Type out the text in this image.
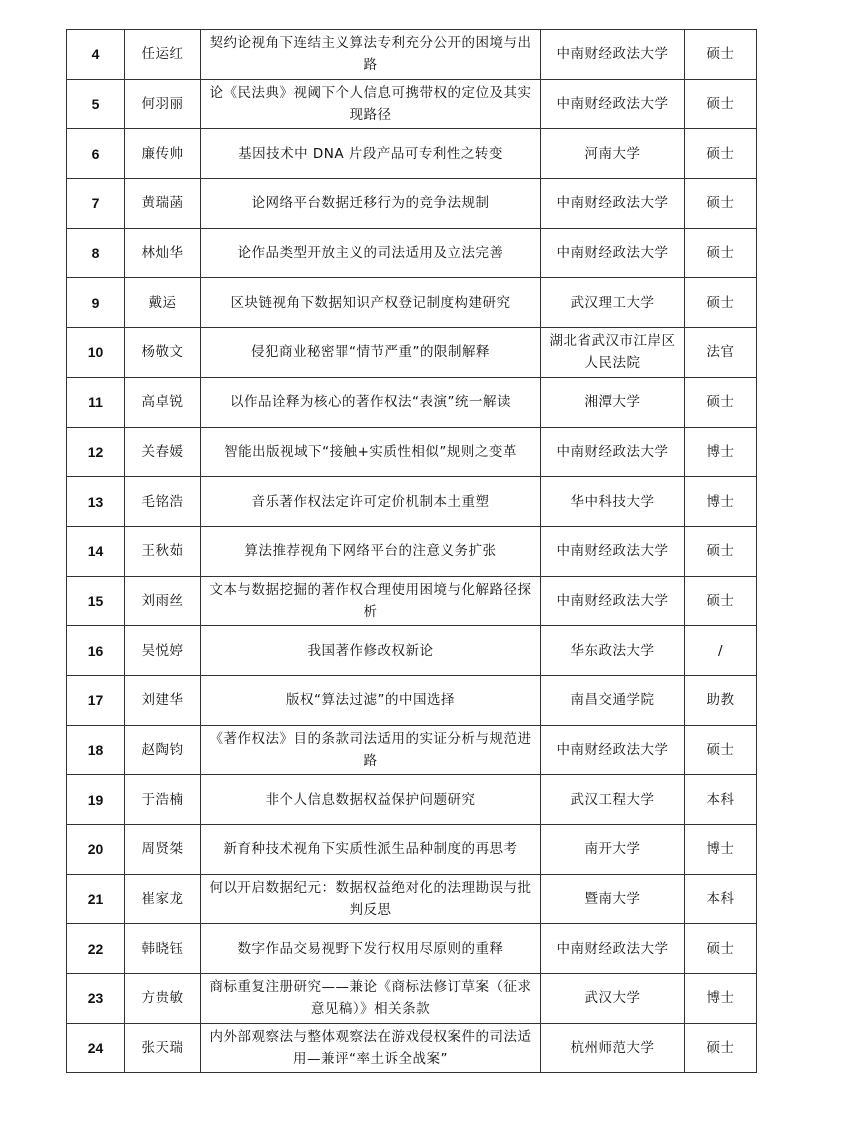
4	任运红	契约论视角下连结主义算法专利充分公开的困境与出路	中南财经政法大学	硕士
5	何羽丽	论《民法典》视阈下个人信息可携带权的定位及其实现路径	中南财经政法大学	硕士
6	廉传帅	基因技术中 DNA 片段产品可专利性之转变	河南大学	硕士
7	黄瑞菡	论网络平台数据迁移行为的竞争法规制	中南财经政法大学	硕士
8	林灿华	论作品类型开放主义的司法适用及立法完善	中南财经政法大学	硕士
9	戴运	区块链视角下数据知识产权登记制度构建研究	武汉理工大学	硕士
10	杨敬文	侵犯商业秘密罪“情节严重”的限制解释	湖北省武汉市江岸区人民法院	法官
11	高卓锐	以作品诠释为核心的著作权法“表演”统一解读	湘潭大学	硕士
12	关春媛	智能出版视域下“接触+实质性相似”规则之变革	中南财经政法大学	博士
13	毛铭浩	音乐著作权法定许可定价机制本土重塑	华中科技大学	博士
14	王秋茹	算法推荐视角下网络平台的注意义务扩张	中南财经政法大学	硕士
15	刘雨丝	文本与数据挖掘的著作权合理使用困境与化解路径探析	中南财经政法大学	硕士
16	吴悦婷	我国著作修改权新论	华东政法大学	/
17	刘建华	版权“算法过滤”的中国选择	南昌交通学院	助教
18	赵陶钧	《著作权法》目的条款司法适用的实证分析与规范进路	中南财经政法大学	硕士
19	于浩楠	非个人信息数据权益保护问题研究	武汉工程大学	本科
20	周贤桀	新育种技术视角下实质性派生品种制度的再思考	南开大学	博士
21	崔家龙	何以开启数据纪元：数据权益绝对化的法理勘误与批判反思	暨南大学	本科
22	韩晓钰	数字作品交易视野下发行权用尽原则的重释	中南财经政法大学	硕士
23	方贵敏	商标重复注册研究——兼论《商标法修订草案（征求意见稿）》相关条款	武汉大学	博士
24	张天瑞	内外部观察法与整体观察法在游戏侵权案件的司法适用—兼评“率土诉全战案”	杭州师范大学	硕士
